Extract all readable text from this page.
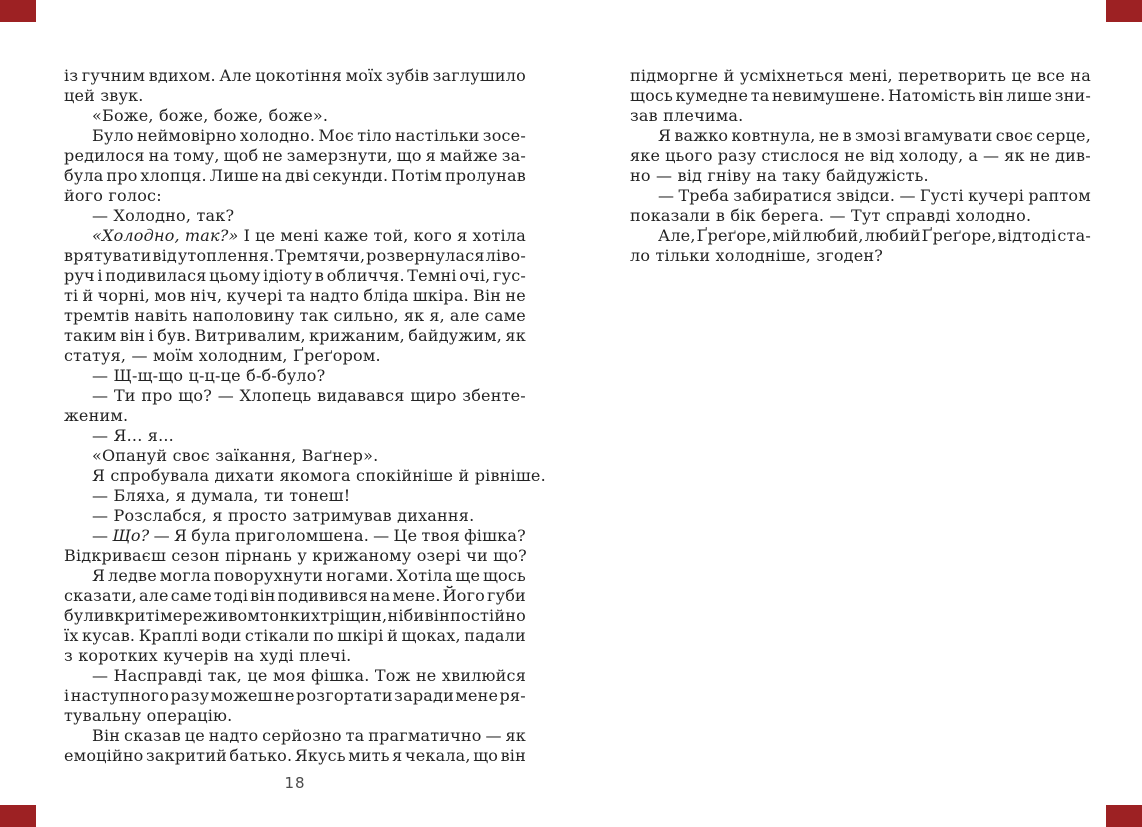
із гучним вдихом. Але цокотіння моїх зубів заглушило
цей звук.
«Боже, боже, боже, боже».
Було неймовірно холодно. Моє тіло настільки зосе-
редилося на тому, щоб не замерзнути, що я майже за-
була про хлопця. Лише на дві секунди. Потім пролунав
його голос:
— Холодно, так?
«Холодно, так?» І це мені каже той, кого я хотіла
врятувати від утоплення. Тремтячи, розвернулася ліво-
руч і подивилася цьому ідіоту в обличчя. Темні очі, гус-
ті й чорні, мов ніч, кучері та надто бліда шкіра. Він не
тремтів навіть наполовину так сильно, як я, але саме
таким він і був. Витривалим, крижаним, байдужим, як
статуя, — моїм холодним, Ґреґором.
— Щ-щ-що ц-ц-це б-б-було?
— Ти про що? — Хлопець видавався щиро збенте-
женим.
— Я... я...
«Опануй своє заїкання, Ваґнер».
Я спробувала дихати якомога спокійніше й рівніше.
— Бляха, я думала, ти тонеш!
— Розслабся, я просто затримував дихання.
— Що? — Я була приголомшена. — Це твоя фішка?
Відкриваєш сезон пірнань у крижаному озері чи що?
Я ледве могла поворухнути ногами. Хотіла ще щось
сказати, але саме тоді він подивився на мене. Його губи
були вкриті мереживом тонких тріщин, ніби він постійно
їх кусав. Краплі води стікали по шкірі й щоках, падали
з коротких кучерів на худі плечі.
— Насправді так, це моя фішка. Тож не хвилюйся
і наступного разу можеш не розгортати заради мене ря-
тувальну операцію.
Він сказав це надто серйозно та прагматично — як
емоційно закритий батько. Якусь мить я чекала, що він
18
підморгне й усміхнеться мені, перетворить це все на
щось кумедне та невимушене. Натомість він лише зни-
зав плечима.
Я важко ковтнула, не в змозі вгамувати своє серце,
яке цього разу стислося не від холоду, а — як не див-
но — від гніву на таку байдужість.
— Треба забиратися звідси. — Густі кучері раптом
показали в бік берега. — Тут справді холодно.
Але, Ґреґоре, мій любий, любий Ґреґоре, відтоді ста-
ло тільки холодніше, згоден?
